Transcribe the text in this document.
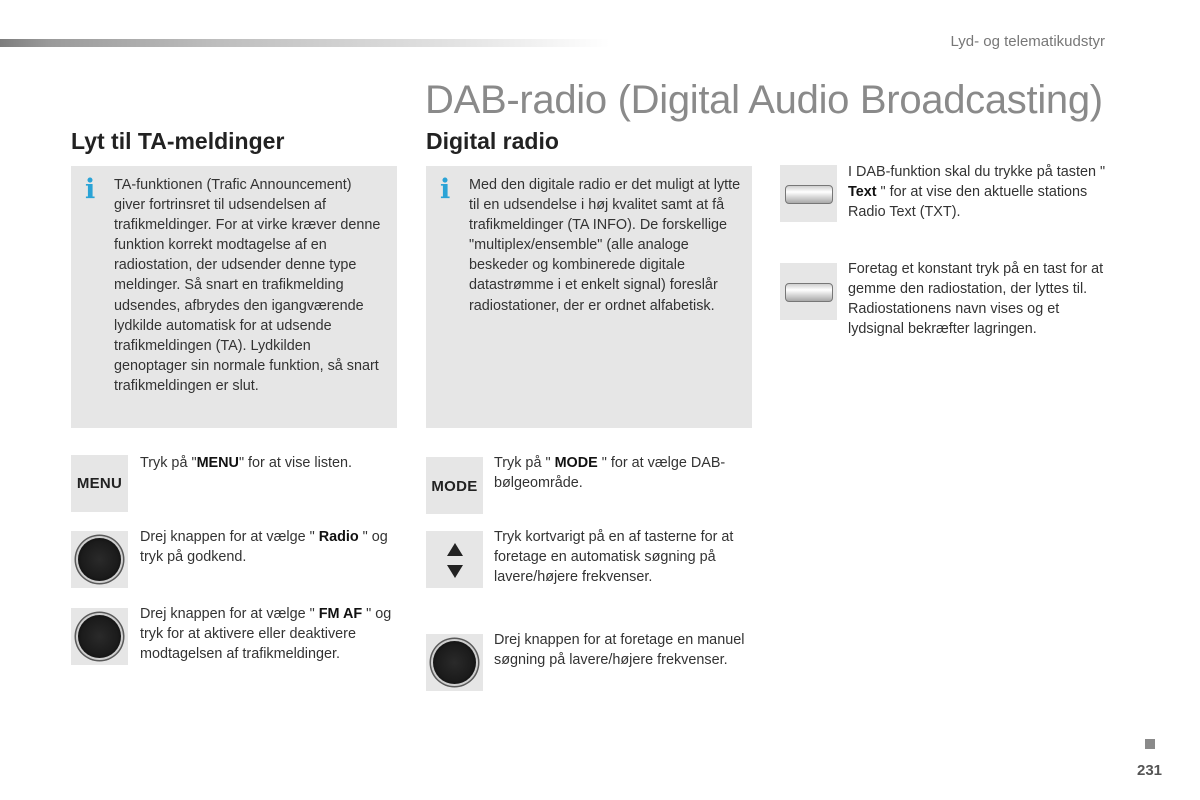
Lyd- og telematikudstyr
DAB-radio (Digital Audio Broadcasting)
Lyt til TA-meldinger
i TA-funktionen (Trafic Announcement) giver fortrinsret til udsendelsen af trafikmeldinger. For at virke kræver denne funktion korrekt modtagelse af en radiostation, der udsender denne type meldinger. Så snart en trafikmelding udsendes, afbrydes den igangværende lydkilde automatisk for at udsende trafikmeldingen (TA). Lydkilden genoptager sin normale funktion, så snart trafikmeldingen er slut.
MENU
Tryk på "MENU" for at vise listen.
Drej knappen for at vælge " Radio " og tryk på godkend.
Drej knappen for at vælge " FM AF " og tryk for at aktivere eller deaktivere modtagelsen af trafikmeldinger.
Digital radio
i Med den digitale radio er det muligt at lytte til en udsendelse i høj kvalitet samt at få trafikmeldinger (TA INFO). De forskellige "multiplex/ensemble" (alle analoge beskeder og kombinerede digitale datastrømme i et enkelt signal) foreslår radiostationer, der er ordnet alfabetisk.
MODE
Tryk på " MODE " for at vælge DAB-bølgeområde.
Tryk kortvarigt på en af tasterne for at foretage en automatisk søgning på lavere/højere frekvenser.
Drej knappen for at foretage en manuel søgning på lavere/højere frekvenser.
I DAB-funktion skal du trykke på tasten " Text " for at vise den aktuelle stations Radio Text (TXT).
Foretag et konstant tryk på en tast for at gemme den radiostation, der lyttes til. Radiostationens navn vises og et lydsignal bekræfter lagringen.
231
